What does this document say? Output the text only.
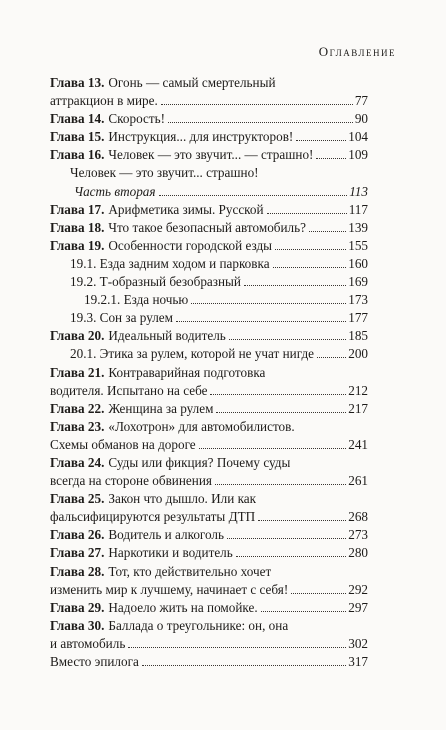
Оглавление
Глава 13. Огонь — самый смертельный
аттракцион в мире.	77
Глава 14. Скорость!	90
Глава 15. Инструкция... для инструкторов!	104
Глава 16. Человек — это звучит... — страшно!	109
Человек — это звучит... страшно!
Часть вторая	113
Глава 17. Арифметика зимы. Русской	117
Глава 18. Что такое безопасный автомобиль?	139
Глава 19. Особенности городской езды	155
19.1. Езда задним ходом и парковка	160
19.2. Т-образный безобразный	169
19.2.1. Езда ночью	173
19.3. Сон за рулем	177
Глава 20. Идеальный водитель	185
20.1. Этика за рулем, которой не учат нигде	200
Глава 21. Контраварийная подготовка
водителя. Испытано на себе	212
Глава 22. Женщина за рулем	217
Глава 23. «Лохотрон» для автомобилистов.
Схемы обманов на дороге	241
Глава 24. Суды или фикция? Почему суды
всегда на стороне обвинения	261
Глава 25. Закон что дышло. Или как
фальсифицируются результаты ДТП	268
Глава 26. Водитель и алкоголь	273
Глава 27. Наркотики и водитель	280
Глава 28. Тот, кто действительно хочет
изменить мир к лучшему, начинает с себя!	292
Глава 29. Надоело жить на помойке.	297
Глава 30. Баллада о треугольнике: он, она
и автомобиль	302
Вместо эпилога	317
